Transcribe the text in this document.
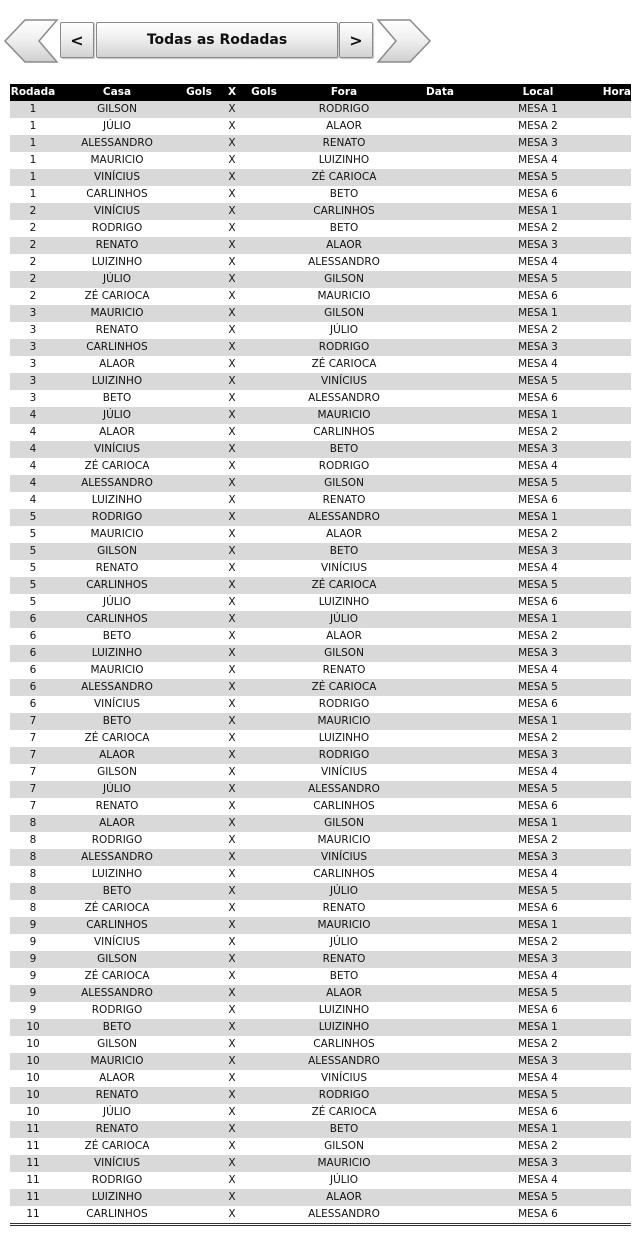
<	Todas as Rodadas	>
Rodada	Casa	Gols	X	Gols	Fora	Data	Local	Hora
1	GILSON		X		RODRIGO		MESA 1	
1	JÚLIO		X		ALAOR		MESA 2	
1	ALESSANDRO		X		RENATO		MESA 3	
1	MAURICIO		X		LUIZINHO		MESA 4	
1	VINÍCIUS		X		ZÉ CARIOCA		MESA 5	
1	CARLINHOS		X		BETO		MESA 6	
2	VINÍCIUS		X		CARLINHOS		MESA 1	
2	RODRIGO		X		BETO		MESA 2	
2	RENATO		X		ALAOR		MESA 3	
2	LUIZINHO		X		ALESSANDRO		MESA 4	
2	JÚLIO		X		GILSON		MESA 5	
2	ZÉ CARIOCA		X		MAURICIO		MESA 6	
3	MAURICIO		X		GILSON		MESA 1	
3	RENATO		X		JÚLIO		MESA 2	
3	CARLINHOS		X		RODRIGO		MESA 3	
3	ALAOR		X		ZÉ CARIOCA		MESA 4	
3	LUIZINHO		X		VINÍCIUS		MESA 5	
3	BETO		X		ALESSANDRO		MESA 6	
4	JÚLIO		X		MAURICIO		MESA 1	
4	ALAOR		X		CARLINHOS		MESA 2	
4	VINÍCIUS		X		BETO		MESA 3	
4	ZÉ CARIOCA		X		RODRIGO		MESA 4	
4	ALESSANDRO		X		GILSON		MESA 5	
4	LUIZINHO		X		RENATO		MESA 6	
5	RODRIGO		X		ALESSANDRO		MESA 1	
5	MAURICIO		X		ALAOR		MESA 2	
5	GILSON		X		BETO		MESA 3	
5	RENATO		X		VINÍCIUS		MESA 4	
5	CARLINHOS		X		ZÉ CARIOCA		MESA 5	
5	JÚLIO		X		LUIZINHO		MESA 6	
6	CARLINHOS		X		JÚLIO		MESA 1	
6	BETO		X		ALAOR		MESA 2	
6	LUIZINHO		X		GILSON		MESA 3	
6	MAURICIO		X		RENATO		MESA 4	
6	ALESSANDRO		X		ZÉ CARIOCA		MESA 5	
6	VINÍCIUS		X		RODRIGO		MESA 6	
7	BETO		X		MAURICIO		MESA 1	
7	ZÉ CARIOCA		X		LUIZINHO		MESA 2	
7	ALAOR		X		RODRIGO		MESA 3	
7	GILSON		X		VINÍCIUS		MESA 4	
7	JÚLIO		X		ALESSANDRO		MESA 5	
7	RENATO		X		CARLINHOS		MESA 6	
8	ALAOR		X		GILSON		MESA 1	
8	RODRIGO		X		MAURICIO		MESA 2	
8	ALESSANDRO		X		VINÍCIUS		MESA 3	
8	LUIZINHO		X		CARLINHOS		MESA 4	
8	BETO		X		JÚLIO		MESA 5	
8	ZÉ CARIOCA		X		RENATO		MESA 6	
9	CARLINHOS		X		MAURICIO		MESA 1	
9	VINÍCIUS		X		JÚLIO		MESA 2	
9	GILSON		X		RENATO		MESA 3	
9	ZÉ CARIOCA		X		BETO		MESA 4	
9	ALESSANDRO		X		ALAOR		MESA 5	
9	RODRIGO		X		LUIZINHO		MESA 6	
10	BETO		X		LUIZINHO		MESA 1	
10	GILSON		X		CARLINHOS		MESA 2	
10	MAURICIO		X		ALESSANDRO		MESA 3	
10	ALAOR		X		VINÍCIUS		MESA 4	
10	RENATO		X		RODRIGO		MESA 5	
10	JÚLIO		X		ZÉ CARIOCA		MESA 6	
11	RENATO		X		BETO		MESA 1	
11	ZÉ CARIOCA		X		GILSON		MESA 2	
11	VINÍCIUS		X		MAURICIO		MESA 3	
11	RODRIGO		X		JÚLIO		MESA 4	
11	LUIZINHO		X		ALAOR		MESA 5	
11	CARLINHOS		X		ALESSANDRO		MESA 6	
